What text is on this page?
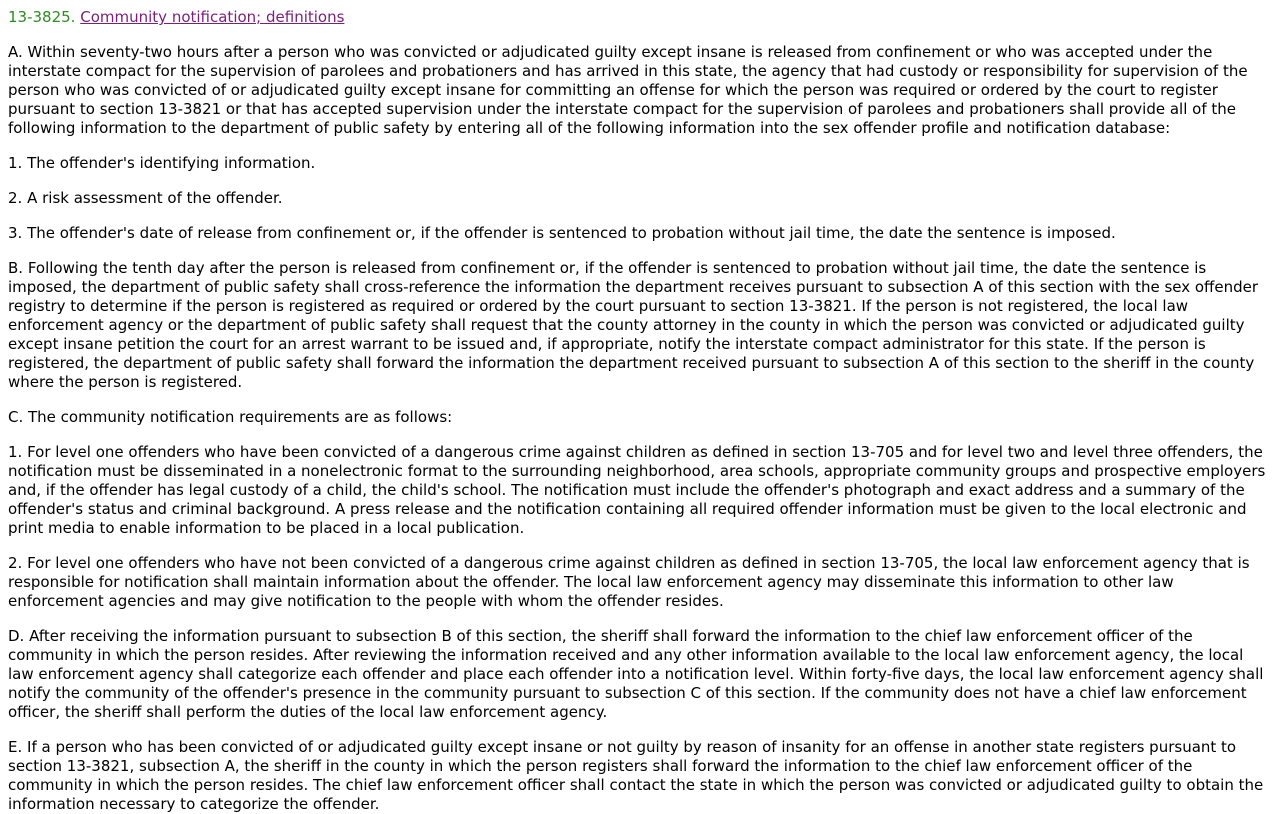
13-3825. Community notification; definitions

A. Within seventy-two hours after a person who was convicted or adjudicated guilty except insane is released from confinement or who was accepted under the interstate compact for the supervision of parolees and probationers and has arrived in this state, the agency that had custody or responsibility for supervision of the person who was convicted of or adjudicated guilty except insane for committing an offense for which the person was required or ordered by the court to register pursuant to section 13-3821 or that has accepted supervision under the interstate compact for the supervision of parolees and probationers shall provide all of the following information to the department of public safety by entering all of the following information into the sex offender profile and notification database:

1. The offender's identifying information.

2. A risk assessment of the offender.

3. The offender's date of release from confinement or, if the offender is sentenced to probation without jail time, the date the sentence is imposed.

B. Following the tenth day after the person is released from confinement or, if the offender is sentenced to probation without jail time, the date the sentence is imposed, the department of public safety shall cross-reference the information the department receives pursuant to subsection A of this section with the sex offender registry to determine if the person is registered as required or ordered by the court pursuant to section 13-3821. If the person is not registered, the local law enforcement agency or the department of public safety shall request that the county attorney in the county in which the person was convicted or adjudicated guilty except insane petition the court for an arrest warrant to be issued and, if appropriate, notify the interstate compact administrator for this state. If the person is registered, the department of public safety shall forward the information the department received pursuant to subsection A of this section to the sheriff in the county where the person is registered.

C. The community notification requirements are as follows:

1. For level one offenders who have been convicted of a dangerous crime against children as defined in section 13-705 and for level two and level three offenders, the notification must be disseminated in a nonelectronic format to the surrounding neighborhood, area schools, appropriate community groups and prospective employers and, if the offender has legal custody of a child, the child's school. The notification must include the offender's photograph and exact address and a summary of the offender's status and criminal background. A press release and the notification containing all required offender information must be given to the local electronic and print media to enable information to be placed in a local publication.

2. For level one offenders who have not been convicted of a dangerous crime against children as defined in section 13-705, the local law enforcement agency that is responsible for notification shall maintain information about the offender. The local law enforcement agency may disseminate this information to other law enforcement agencies and may give notification to the people with whom the offender resides.

D. After receiving the information pursuant to subsection B of this section, the sheriff shall forward the information to the chief law enforcement officer of the community in which the person resides. After reviewing the information received and any other information available to the local law enforcement agency, the local law enforcement agency shall categorize each offender and place each offender into a notification level. Within forty-five days, the local law enforcement agency shall notify the community of the offender's presence in the community pursuant to subsection C of this section. If the community does not have a chief law enforcement officer, the sheriff shall perform the duties of the local law enforcement agency.

E. If a person who has been convicted of or adjudicated guilty except insane or not guilty by reason of insanity for an offense in another state registers pursuant to section 13-3821, subsection A, the sheriff in the county in which the person registers shall forward the information to the chief law enforcement officer of the community in which the person resides. The chief law enforcement officer shall contact the state in which the person was convicted or adjudicated guilty to obtain the information necessary to categorize the offender.
